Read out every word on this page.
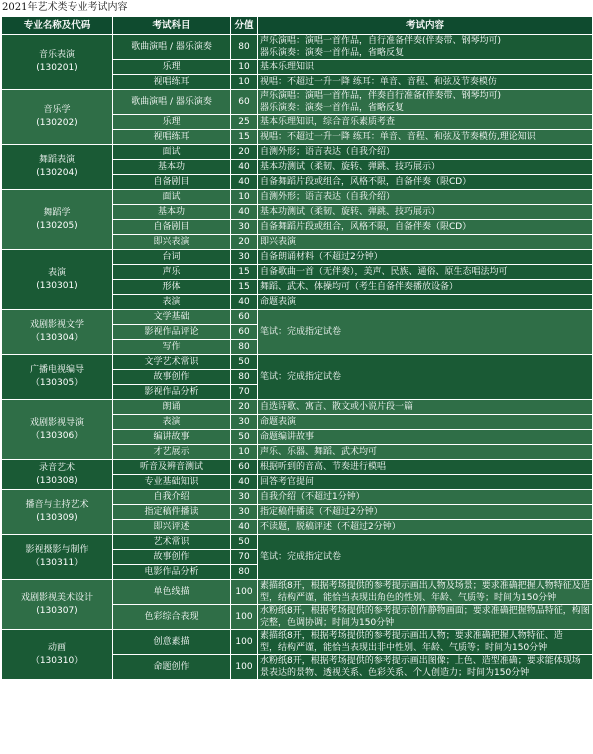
2021年艺术类专业考试内容
专业名称及代码	考试科目	分值	考试内容

音乐表演
(130201)	歌曲演唱 / 器乐演奏	80	声乐演唱：演唱一首作品，自行准备伴奏(伴奏带、钢琴均可)
器乐演奏：演奏一首作品，省略反复

	乐理	10	基本乐理知识
	视唱练耳	10	视唱：不超过一升一降 练耳：单音、音程、和弦及节奏模仿

音乐学
(130202)	歌曲演唱 / 器乐演奏	60	声乐演唱：演唱一首作品，伴奏自行准备(伴奏带、钢琴均可)
器乐演奏：演奏一首作品，省略反复

	乐理	25	基本乐理知识，综合音乐素质考查
	视唱练耳	15	视唱：不超过一升一降 练耳：单音、音程、和弦及节奏模仿,理论知识

舞蹈表演
(130204)	面试	20	自测外形；语言表达（自我介绍）
	基本功	40	基本功测试（柔韧、旋转、弹跳、技巧展示）
	自备剧目	40	自备舞蹈片段或组合，风格不限，自备伴奏（限CD）

舞蹈学
(130205)	面试	10	自测外形；语言表达（自我介绍）
	基本功	40	基本功测试（柔韧、旋转、弹跳、技巧展示）
	自备剧目	30	自备舞蹈片段或组合，风格不限，自备伴奏（限CD）
	即兴表演	20	即兴表演

表演
(130301)	台词	30	自备朗诵材料（不超过2分钟）
	声乐	15	自备歌曲一首（无伴奏），美声、民族、通俗、原生态唱法均可
	形体	15	舞蹈、武术、体操均可（考生自备伴奏播放设备）
	表演	40	命题表演

戏剧影视文学
（130304）	文学基础	60	笔试：完成指定试卷
	影视作品评论	60	
	写作	80	

广播电视编导
（130305）	文学艺术常识	50	笔试：完成指定试卷
	故事创作	80	
	影视作品分析	70	

戏剧影视导演
（130306）	朗诵	20	自选诗歌、寓言、散文或小说片段一篇
	表演	30	命题表演
	编讲故事	50	命题编讲故事
	才艺展示	10	声乐、乐器、舞蹈、武术均可

录音艺术
(130308)	听音及辨音测试	60	根据听到的音高、节奏进行模唱
	专业基础知识	40	回答考官提问

播音与主持艺术
(130309)	自我介绍	30	自我介绍（不超过1分钟）
	指定稿件播读	30	指定稿件播读（不超过2分钟）
	即兴评述	40	不读题，脱稿评述（不超过2分钟）

影视摄影与制作
（130311）	艺术常识	50	笔试：完成指定试卷
	故事创作	70	
	电影作品分析	80	

戏剧影视美术设计
(130307)	单色线描	100	素描纸8开，根据考场提供的参考提示画出人物及场景；要求准确把握人物特征及造
型，结构严谨，能恰当表现出角色的性别、年龄、气质等；时间为150分钟

	色彩综合表现	100	水粉纸8开，根据考场提供的参考提示创作静物画面；要求准确把握物品特征，构图
完整，色调协调；时间为150分钟

动画
（130310）	创意素描	100	素描纸8开，根据考场提供的参考提示画出人物；要求准确把握人物特征、造
型，结构严谨，能恰当表现出非中性别、年龄、气质等；时间为150分钟

	命题创作	100	水粉纸8开，根据考场提供的参考提示画出图像；上色、造型准确；要求能体现场
景表达的景物、透视关系、色彩关系、个人创造力；时间为150分钟
